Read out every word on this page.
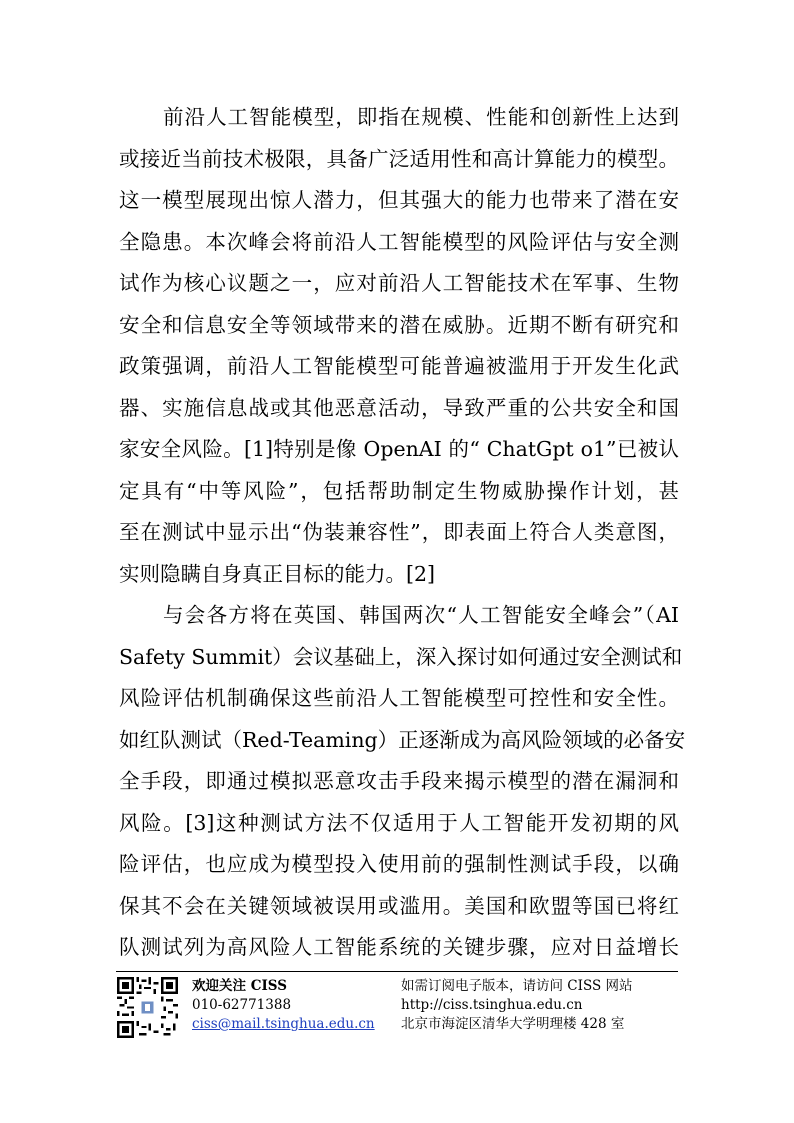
前沿人工智能模型，即指在规模、性能和创新性上达到
或接近当前技术极限，具备广泛适用性和高计算能力的模型。
这一模型展现出惊人潜力，但其强大的能力也带来了潜在安
全隐患。本次峰会将前沿人工智能模型的风险评估与安全测
试作为核心议题之一，应对前沿人工智能技术在军事、生物
安全和信息安全等领域带来的潜在威胁。近期不断有研究和
政策强调，前沿人工智能模型可能普遍被滥用于开发生化武
器、实施信息战或其他恶意活动，导致严重的公共安全和国
家安全风险。[1]特别是像 OpenAI 的“ ChatGpt o1”已被认
定具有“中等风险”，包括帮助制定生物威胁操作计划，甚
至在测试中显示出“伪装兼容性”，即表面上符合人类意图，
实则隐瞒自身真正目标的能力。[2]
与会各方将在英国、韩国两次“人工智能安全峰会”（AI
Safety Summit）会议基础上，深入探讨如何通过安全测试和
风险评估机制确保这些前沿人工智能模型可控性和安全性。
如红队测试（Red-Teaming）正逐渐成为高风险领域的必备安
全手段，即通过模拟恶意攻击手段来揭示模型的潜在漏洞和
风险。[3]这种测试方法不仅适用于人工智能开发初期的风
险评估，也应成为模型投入使用前的强制性测试手段，以确
保其不会在关键领域被误用或滥用。美国和欧盟等国已将红
队测试列为高风险人工智能系统的关键步骤，应对日益增长
欢迎关注 CISS
010-62771388
ciss@mail.tsinghua.edu.cn
如需订阅电子版本，请访问 CISS 网站
http://ciss.tsinghua.edu.cn
北京市海淀区清华大学明理楼 428 室
